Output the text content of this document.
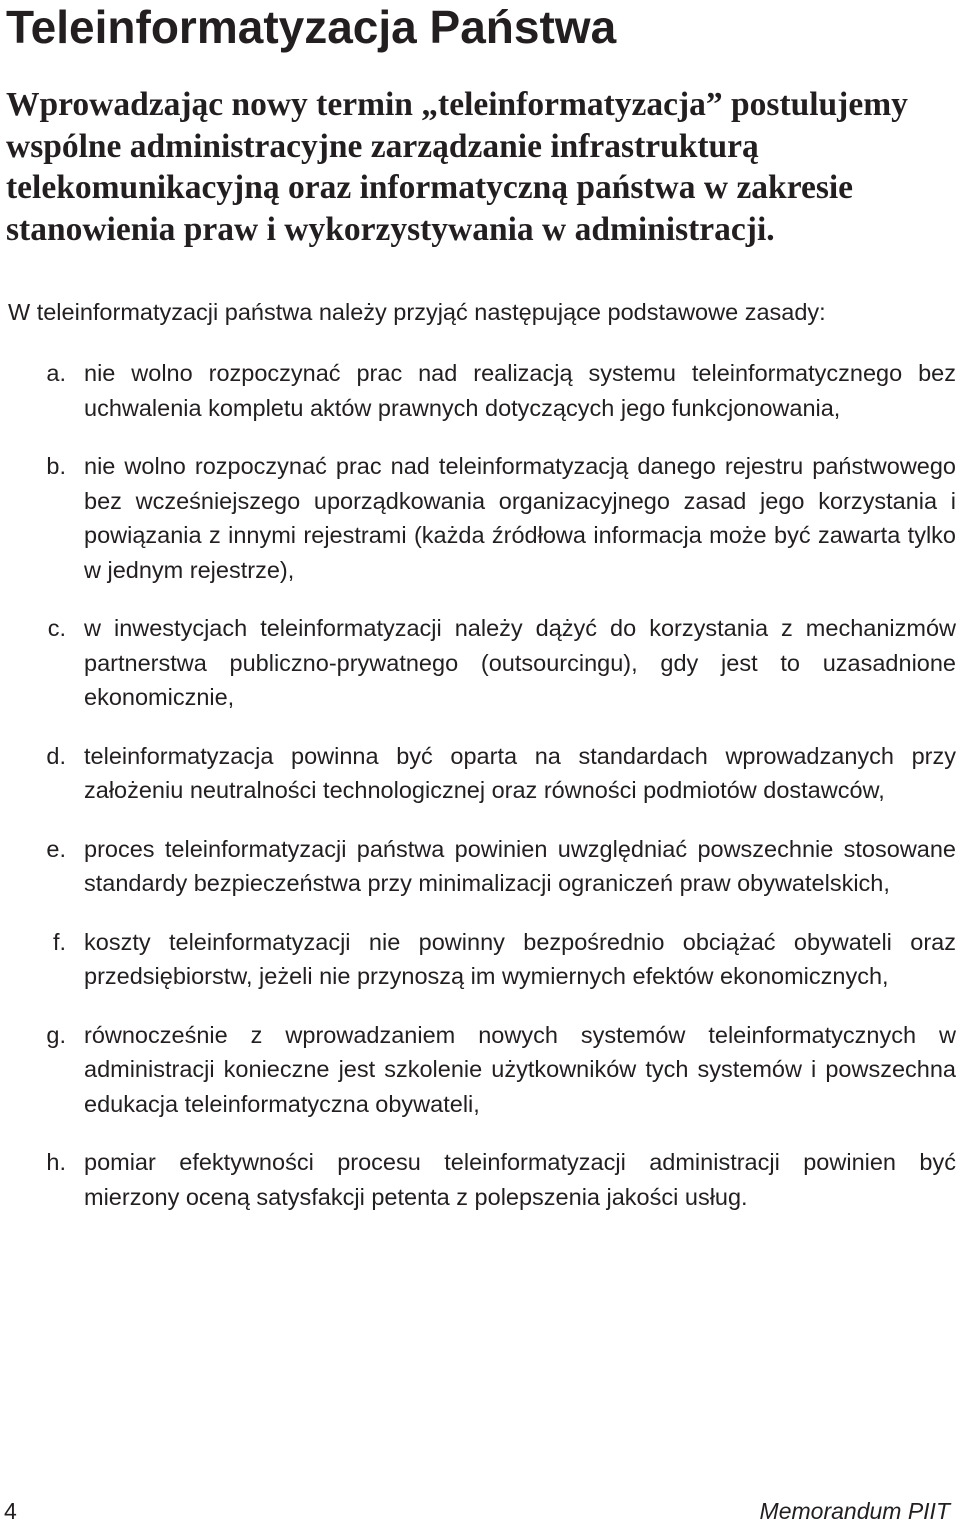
Teleinformatyzacja Państwa

Wprowadzając nowy termin „teleinformatyzacja” postulujemy wspólne administracyjne zarządzanie infrastrukturą telekomunikacyjną oraz informatyczną państwa w zakresie stanowienia praw i wykorzystywania w administracji.

W teleinformatyzacji państwa należy przyjąć następujące podstawowe zasady:

a. nie wolno rozpoczynać prac nad realizacją systemu teleinformatycznego bez uchwalenia kompletu aktów prawnych dotyczących jego funkcjonowania,
b. nie wolno rozpoczynać prac nad teleinformatyzacją danego rejestru państwowego bez wcześniejszego uporządkowania organizacyjnego zasad jego korzystania i powiązania z innymi rejestrami (każda źródłowa informacja może być zawarta tylko w jednym rejestrze),
c. w inwestycjach teleinformatyzacji należy dążyć do korzystania z mechanizmów partnerstwa publiczno-prywatnego (outsourcingu), gdy jest to uzasadnione ekonomicznie,
d. teleinformatyzacja powinna być oparta na standardach wprowadzanych przy założeniu neutralności technologicznej oraz równości podmiotów dostawców,
e. proces teleinformatyzacji państwa powinien uwzględniać powszechnie stosowane standardy bezpieczeństwa przy minimalizacji ograniczeń praw obywatelskich,
f. koszty teleinformatyzacji nie powinny bezpośrednio obciążać obywateli oraz przedsiębiorstw, jeżeli nie przynoszą im wymiernych efektów ekonomicznych,
g. równocześnie z wprowadzaniem nowych systemów teleinformatycznych w administracji konieczne jest szkolenie użytkowników tych systemów i powszechna edukacja teleinformatyczna obywateli,
h. pomiar efektywności procesu teleinformatyzacji administracji powinien być mierzony oceną satysfakcji petenta z polepszenia jakości usług.
4	Memorandum PIIT
